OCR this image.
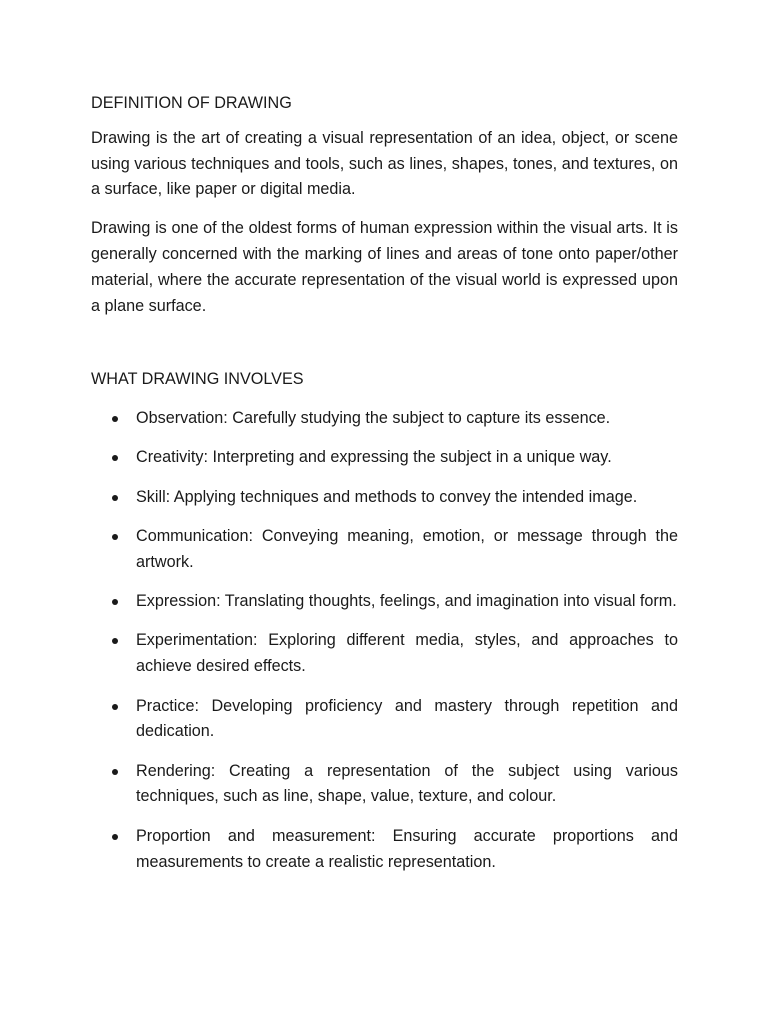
DEFINITION OF DRAWING

Drawing is the art of creating a visual representation of an idea, object, or scene using various techniques and tools, such as lines, shapes, tones, and textures, on a surface, like paper or digital media.

Drawing is one of the oldest forms of human expression within the visual arts. It is generally concerned with the marking of lines and areas of tone onto paper/other material, where the accurate representation of the visual world is expressed upon a plane surface.

WHAT DRAWING INVOLVES
Observation: Carefully studying the subject to capture its essence.
Creativity: Interpreting and expressing the subject in a unique way.
Skill: Applying techniques and methods to convey the intended image.
Communication: Conveying meaning, emotion, or message through the artwork.
Expression: Translating thoughts, feelings, and imagination into visual form.
Experimentation: Exploring different media, styles, and approaches to achieve desired effects.
Practice: Developing proficiency and mastery through repetition and dedication.
Rendering: Creating a representation of the subject using various techniques, such as line, shape, value, texture, and colour.
Proportion and measurement: Ensuring accurate proportions and measurements to create a realistic representation.
